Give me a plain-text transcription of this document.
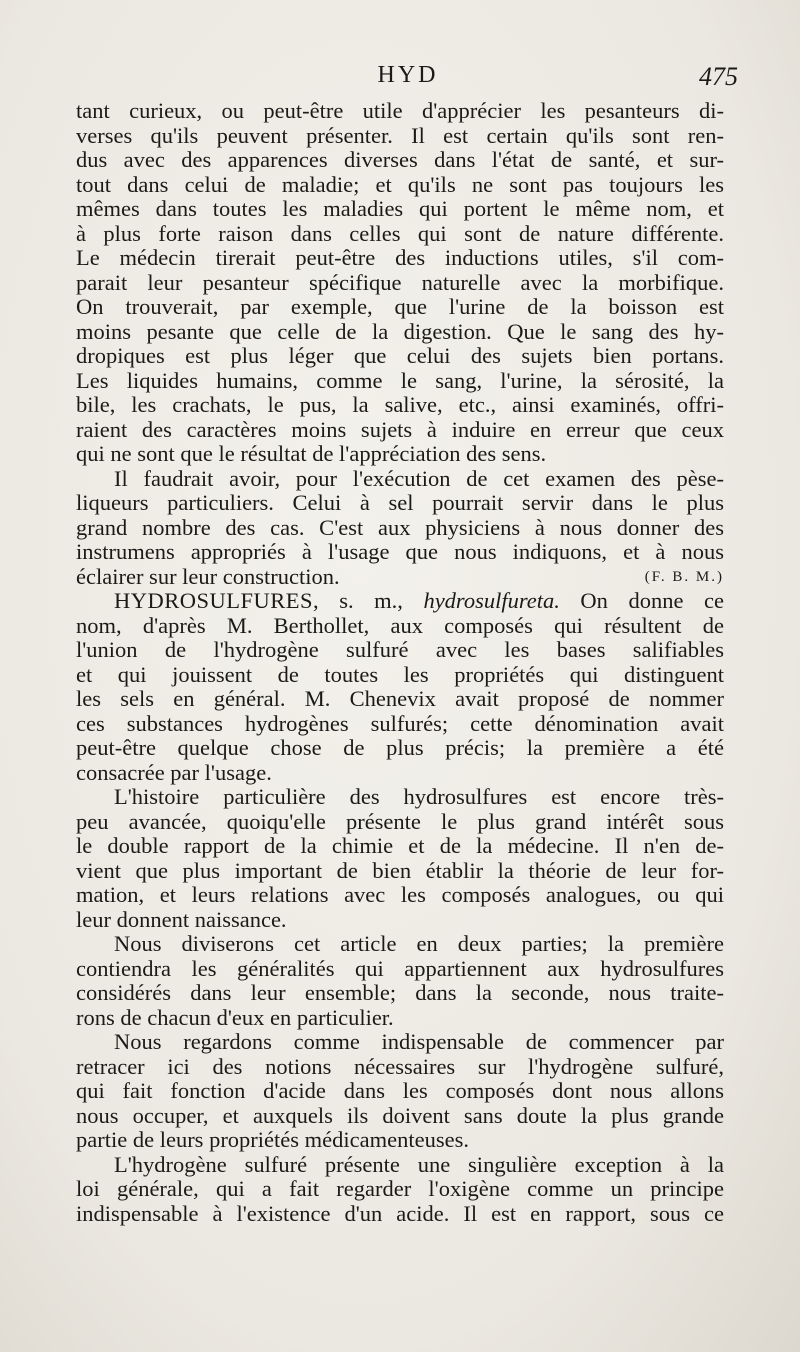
HYD	475
tant curieux, ou peut-être utile d'apprécier les pesanteurs di-
verses qu'ils peuvent présenter. Il est certain qu'ils sont ren-
dus avec des apparences diverses dans l'état de santé, et sur-
tout dans celui de maladie; et qu'ils ne sont pas toujours les
mêmes dans toutes les maladies qui portent le même nom, et
à plus forte raison dans celles qui sont de nature différente.
Le médecin tirerait peut-être des inductions utiles, s'il com-
parait leur pesanteur spécifique naturelle avec la morbifique.
On trouverait, par exemple, que l'urine de la boisson est
moins pesante que celle de la digestion. Que le sang des hy-
dropiques est plus léger que celui des sujets bien portans.
Les liquides humains, comme le sang, l'urine, la sérosité, la
bile, les crachats, le pus, la salive, etc., ainsi examinés, offri-
raient des caractères moins sujets à induire en erreur que ceux
qui ne sont que le résultat de l'appréciation des sens.
Il faudrait avoir, pour l'exécution de cet examen des pèse-
liqueurs particuliers. Celui à sel pourrait servir dans le plus
grand nombre des cas. C'est aux physiciens à nous donner des
instrumens appropriés à l'usage que nous indiquons, et à nous
éclairer sur leur construction.	(F. B. M.)
HYDROSULFURES, s. m., hydrosulfureta. On donne ce
nom, d'après M. Berthollet, aux composés qui résultent de
l'union de l'hydrogène sulfuré avec les bases salifiables
et qui jouissent de toutes les propriétés qui distinguent
les sels en général. M. Chenevix avait proposé de nommer
ces substances hydrogènes sulfurés; cette dénomination avait
peut-être quelque chose de plus précis; la première a été
consacrée par l'usage.
L'histoire particulière des hydrosulfures est encore très-
peu avancée, quoiqu'elle présente le plus grand intérêt sous
le double rapport de la chimie et de la médecine. Il n'en de-
vient que plus important de bien établir la théorie de leur for-
mation, et leurs relations avec les composés analogues, ou qui
leur donnent naissance.
Nous diviserons cet article en deux parties; la première
contiendra les généralités qui appartiennent aux hydrosulfures
considérés dans leur ensemble; dans la seconde, nous traite-
rons de chacun d'eux en particulier.
Nous regardons comme indispensable de commencer par
retracer ici des notions nécessaires sur l'hydrogène sulfuré,
qui fait fonction d'acide dans les composés dont nous allons
nous occuper, et auxquels ils doivent sans doute la plus grande
partie de leurs propriétés médicamenteuses.
L'hydrogène sulfuré présente une singulière exception à la
loi générale, qui a fait regarder l'oxigène comme un principe
indispensable à l'existence d'un acide. Il est en rapport, sous ce
